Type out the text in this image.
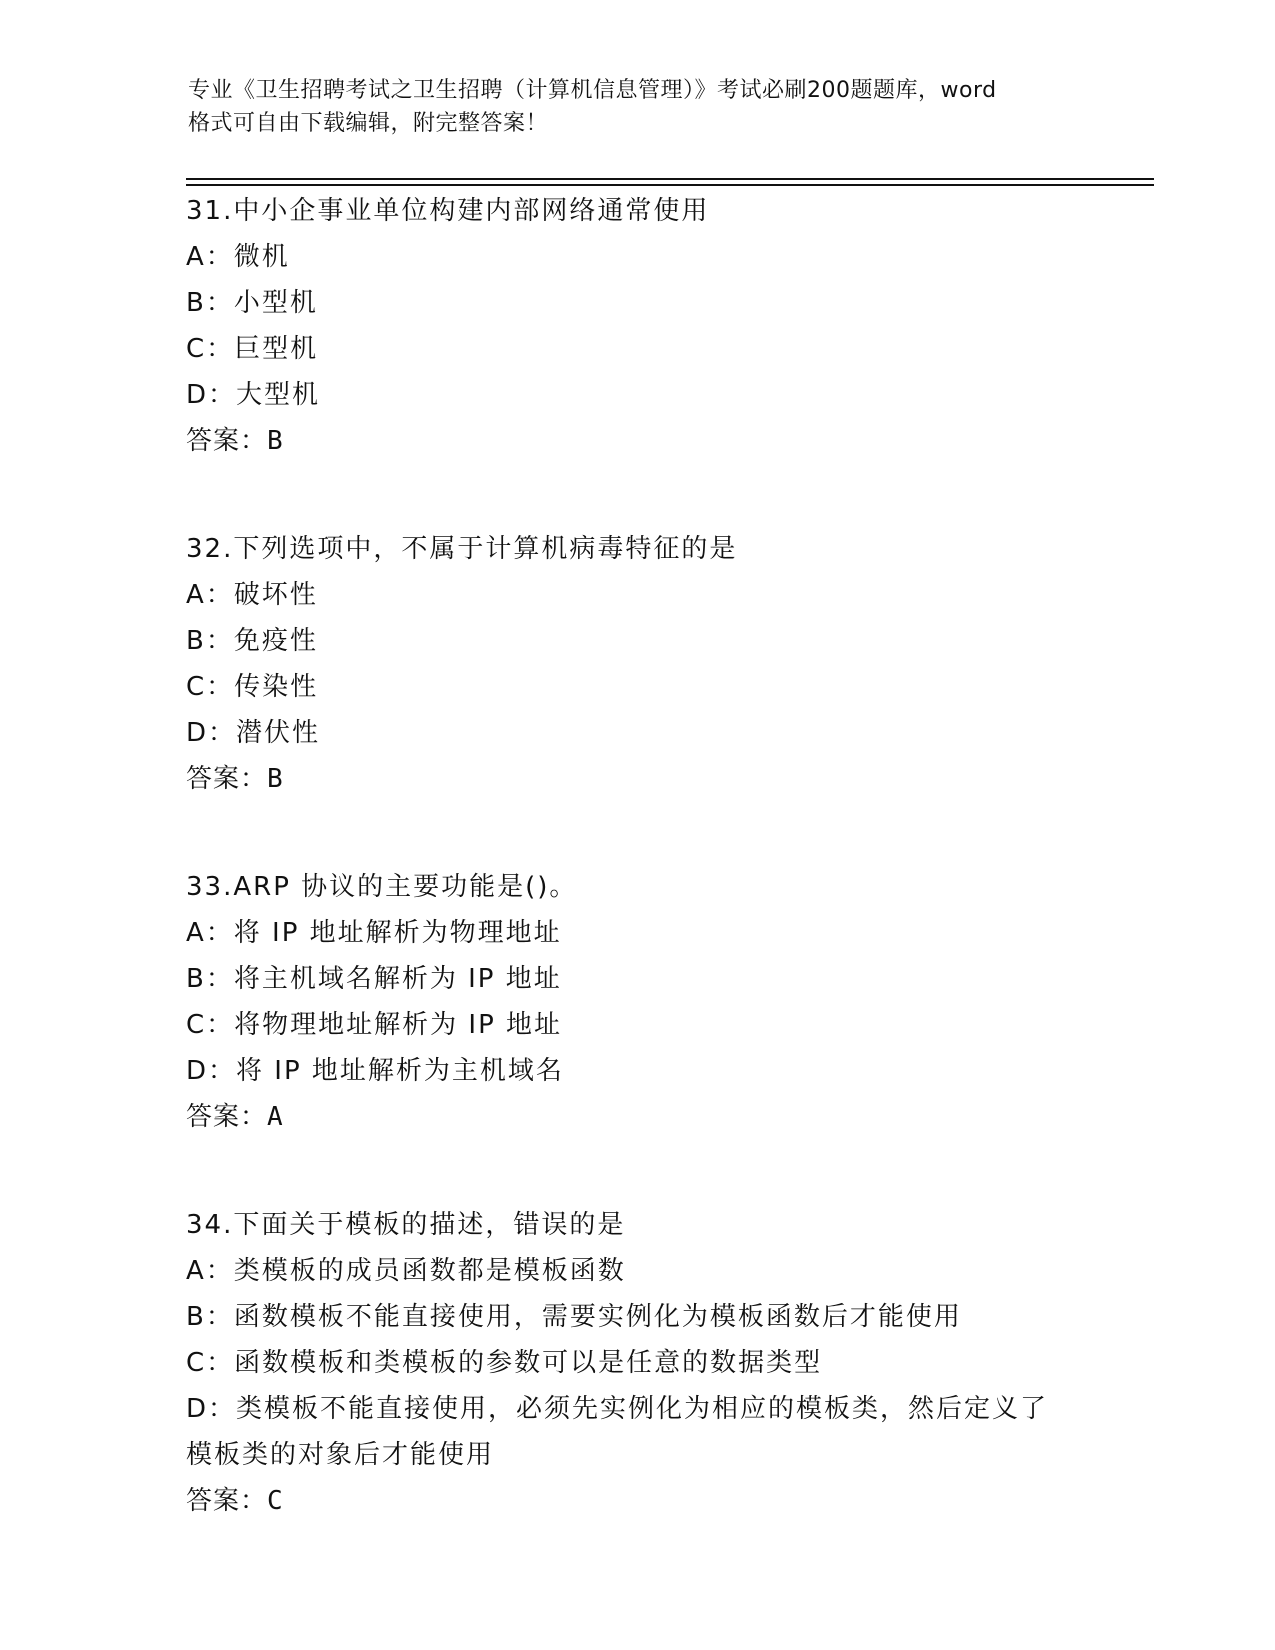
专业《卫生招聘考试之卫生招聘（计算机信息管理）》考试必刷200题题库，word
格式可自由下载编辑，附完整答案！
31.中小企事业单位构建内部网络通常使用
A：微机
B：小型机
C：巨型机
D：大型机
答案：B
32.下列选项中，不属于计算机病毒特征的是
A：破坏性
B：免疫性
C：传染性
D：潜伏性
答案：B
33.ARP 协议的主要功能是()。
A：将 IP 地址解析为物理地址
B：将主机域名解析为 IP 地址
C：将物理地址解析为 IP 地址
D：将 IP 地址解析为主机域名
答案：A
34.下面关于模板的描述，错误的是
A：类模板的成员函数都是模板函数
B：函数模板不能直接使用，需要实例化为模板函数后才能使用
C：函数模板和类模板的参数可以是任意的数据类型
D：类模板不能直接使用，必须先实例化为相应的模板类，然后定义了
模板类的对象后才能使用
答案：C
